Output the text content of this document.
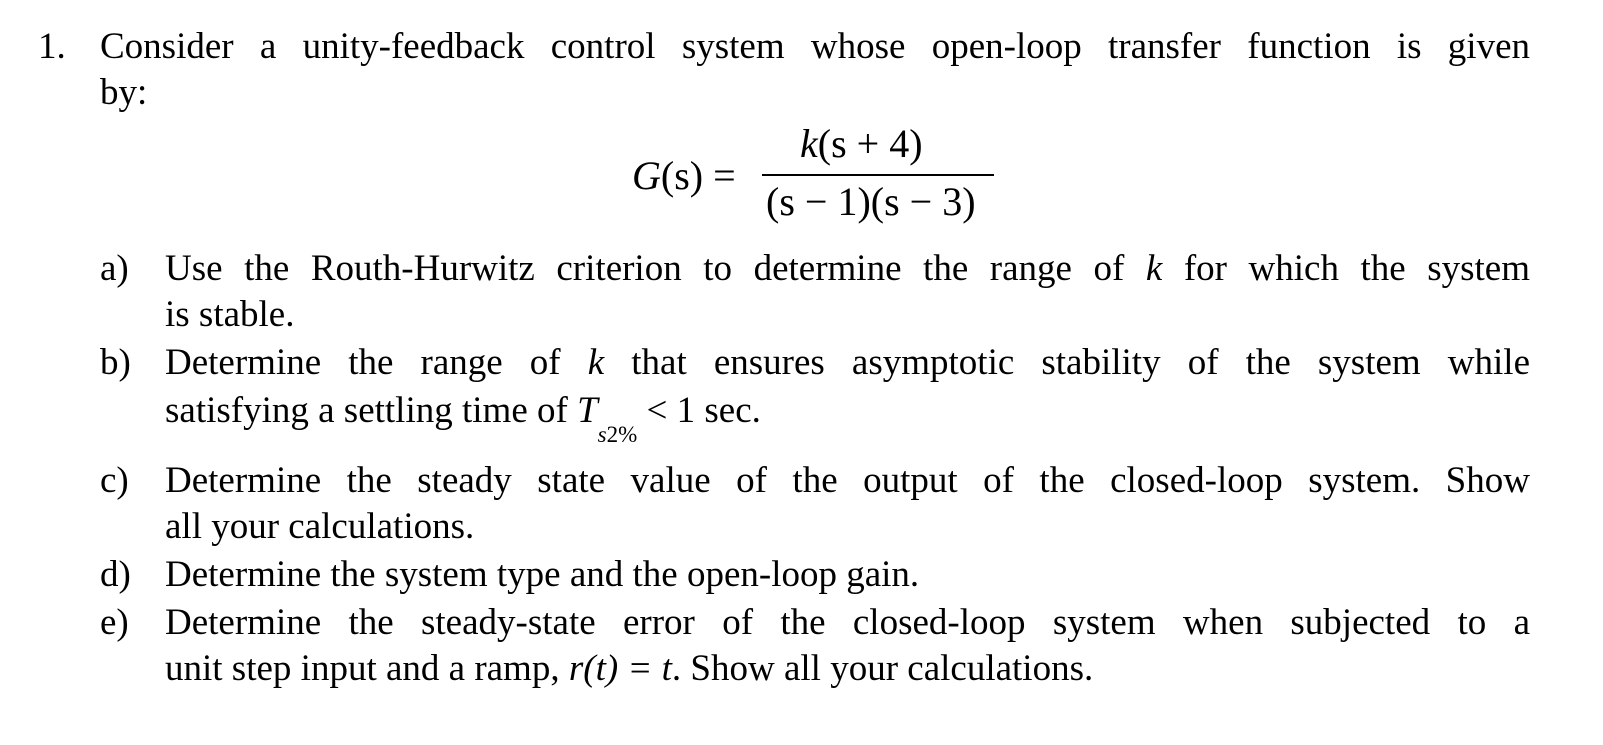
1. Consider a unity-feedback control system whose open-loop transfer function is given
by:
G(s) =
k(s + 4)
(s − 1)(s − 3)
a) Use the Routh-Hurwitz criterion to determine the range of k for which the system
is stable.
b) Determine the range of k that ensures asymptotic stability of the system while
satisfying a settling time of $T_{s2\%} < 1$ sec.
c) Determine the steady state value of the output of the closed-loop system. Show
all your calculations.
d) Determine the system type and the open-loop gain.
e) Determine the steady-state error of the closed-loop system when subjected to a
unit step input and a ramp, r(t) = t. Show all your calculations.
